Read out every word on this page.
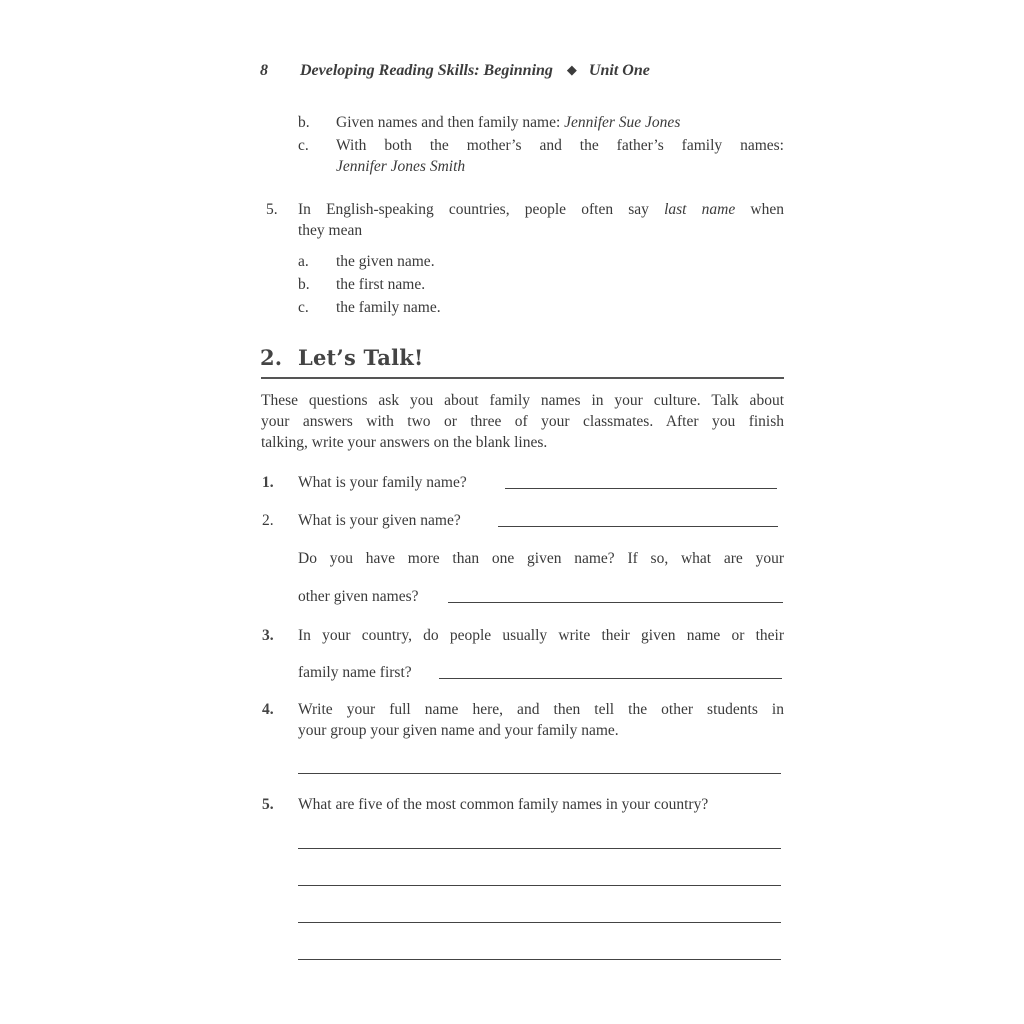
8 Developing Reading Skills: Beginning ◆ Unit One
b. Given names and then family name: Jennifer Sue Jones
c. With both the mother’s and the father’s family names:
Jennifer Jones Smith
5. In English-speaking countries, people often say last name when
they mean
a. the given name.
b. the first name.
c. the family name.
2. Let’s Talk!
These questions ask you about family names in your culture. Talk about
your answers with two or three of your classmates. After you finish
talking, write your answers on the blank lines.
1. What is your family name?
2. What is your given name?
Do you have more than one given name? If so, what are your
other given names?
3. In your country, do people usually write their given name or their
family name first?
4. Write your full name here, and then tell the other students in
your group your given name and your family name.
5. What are five of the most common family names in your country?
